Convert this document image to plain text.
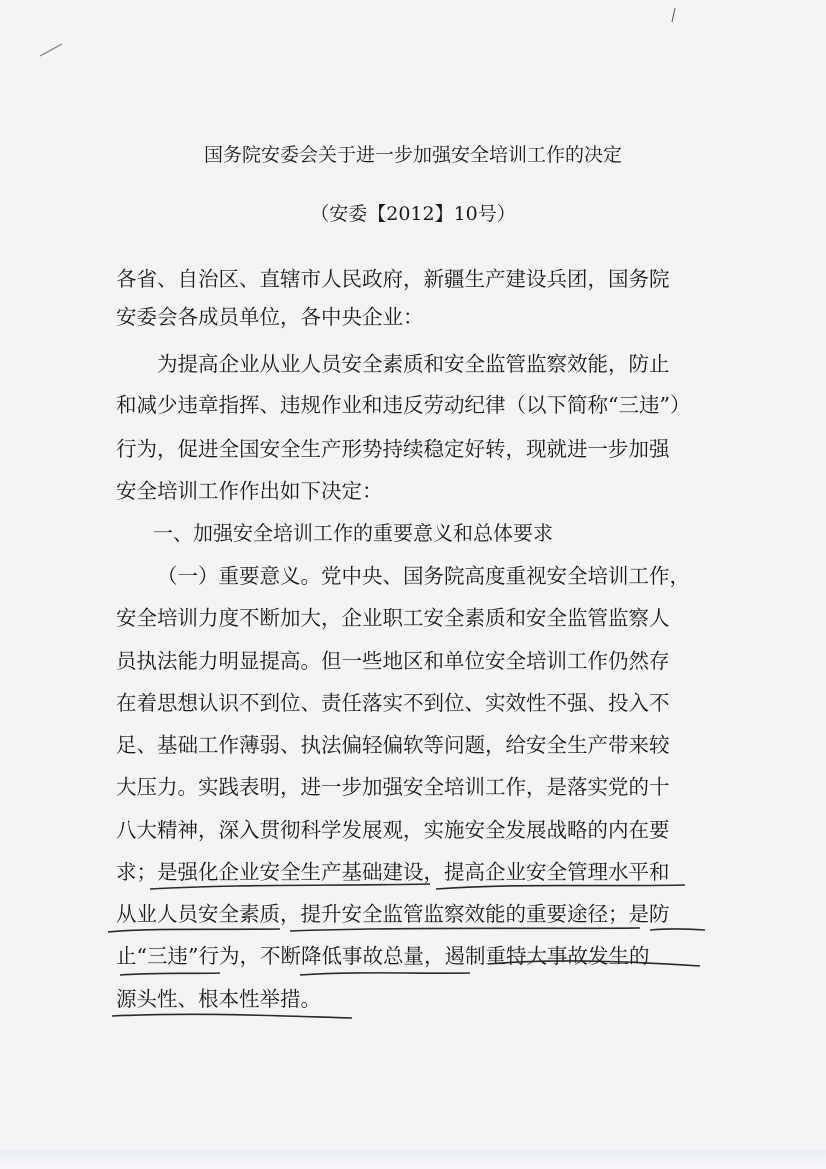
国务院安委会关于进一步加强安全培训工作的决定

（安委【2012】10号）

各省、自治区、直辖市人民政府，新疆生产建设兵团，国务院

安委会各成员单位，各中央企业：

为提高企业从业人员安全素质和安全监管监察效能，防止

和减少违章指挥、违规作业和违反劳动纪律（以下简称“三违”）

行为，促进全国安全生产形势持续稳定好转，现就进一步加强

安全培训工作作出如下决定：

一、加强安全培训工作的重要意义和总体要求

（一）重要意义。党中央、国务院高度重视安全培训工作，

安全培训力度不断加大，企业职工安全素质和安全监管监察人

员执法能力明显提高。但一些地区和单位安全培训工作仍然存

在着思想认识不到位、责任落实不到位、实效性不强、投入不

足、基础工作薄弱、执法偏轻偏软等问题，给安全生产带来较

大压力。实践表明，进一步加强安全培训工作，是落实党的十

八大精神，深入贯彻科学发展观，实施安全发展战略的内在要

求；是强化企业安全生产基础建设，提高企业安全管理水平和

从业人员安全素质，提升安全监管监察效能的重要途径；是防

止“三违”行为，不断降低事故总量，遏制重特大事故发生的

源头性、根本性举措。
